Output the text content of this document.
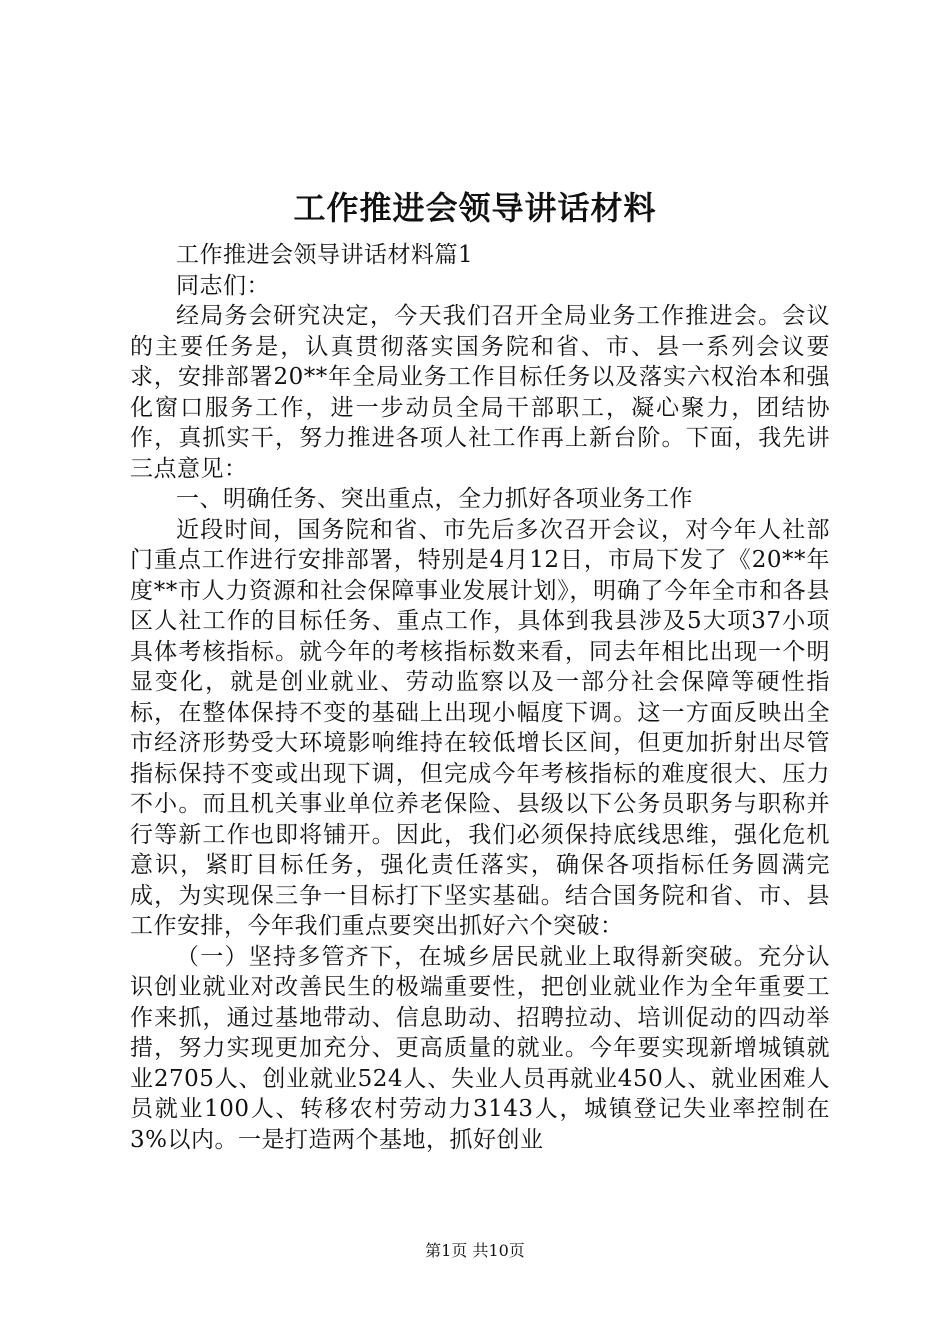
工作推进会领导讲话材料

工作推进会领导讲话材料篇1

同志们：

经局务会研究决定，今天我们召开全局业务工作推进会。会议的主要任务是，认真贯彻落实国务院和省、市、县一系列会议要求，安排部署20**年全局业务工作目标任务以及落实六权治本和强化窗口服务工作，进一步动员全局干部职工，凝心聚力，团结协作，真抓实干，努力推进各项人社工作再上新台阶。下面，我先讲三点意见：

一、明确任务、突出重点，全力抓好各项业务工作

近段时间，国务院和省、市先后多次召开会议，对今年人社部门重点工作进行安排部署，特别是4月12日，市局下发了《20**年度**市人力资源和社会保障事业发展计划》，明确了今年全市和各县区人社工作的目标任务、重点工作，具体到我县涉及5大项37小项具体考核指标。就今年的考核指标数来看，同去年相比出现一个明显变化，就是创业就业、劳动监察以及一部分社会保障等硬性指标，在整体保持不变的基础上出现小幅度下调。这一方面反映出全市经济形势受大环境影响维持在较低增长区间，但更加折射出尽管指标保持不变或出现下调，但完成今年考核指标的难度很大、压力不小。而且机关事业单位养老保险、县级以下公务员职务与职称并行等新工作也即将铺开。因此，我们必须保持底线思维，强化危机意识，紧盯目标任务，强化责任落实，确保各项指标任务圆满完成，为实现保三争一目标打下坚实基础。结合国务院和省、市、县工作安排，今年我们重点要突出抓好六个突破：

（一）坚持多管齐下，在城乡居民就业上取得新突破。充分认识创业就业对改善民生的极端重要性，把创业就业作为全年重要工作来抓，通过基地带动、信息助动、招聘拉动、培训促动的四动举措，努力实现更加充分、更高质量的就业。今年要实现新增城镇就业2705人、创业就业524人、失业人员再就业450人、就业困难人员就业100人、转移农村劳动力3143人，城镇登记失业率控制在3%以内。一是打造两个基地，抓好创业

第1页 共10页
